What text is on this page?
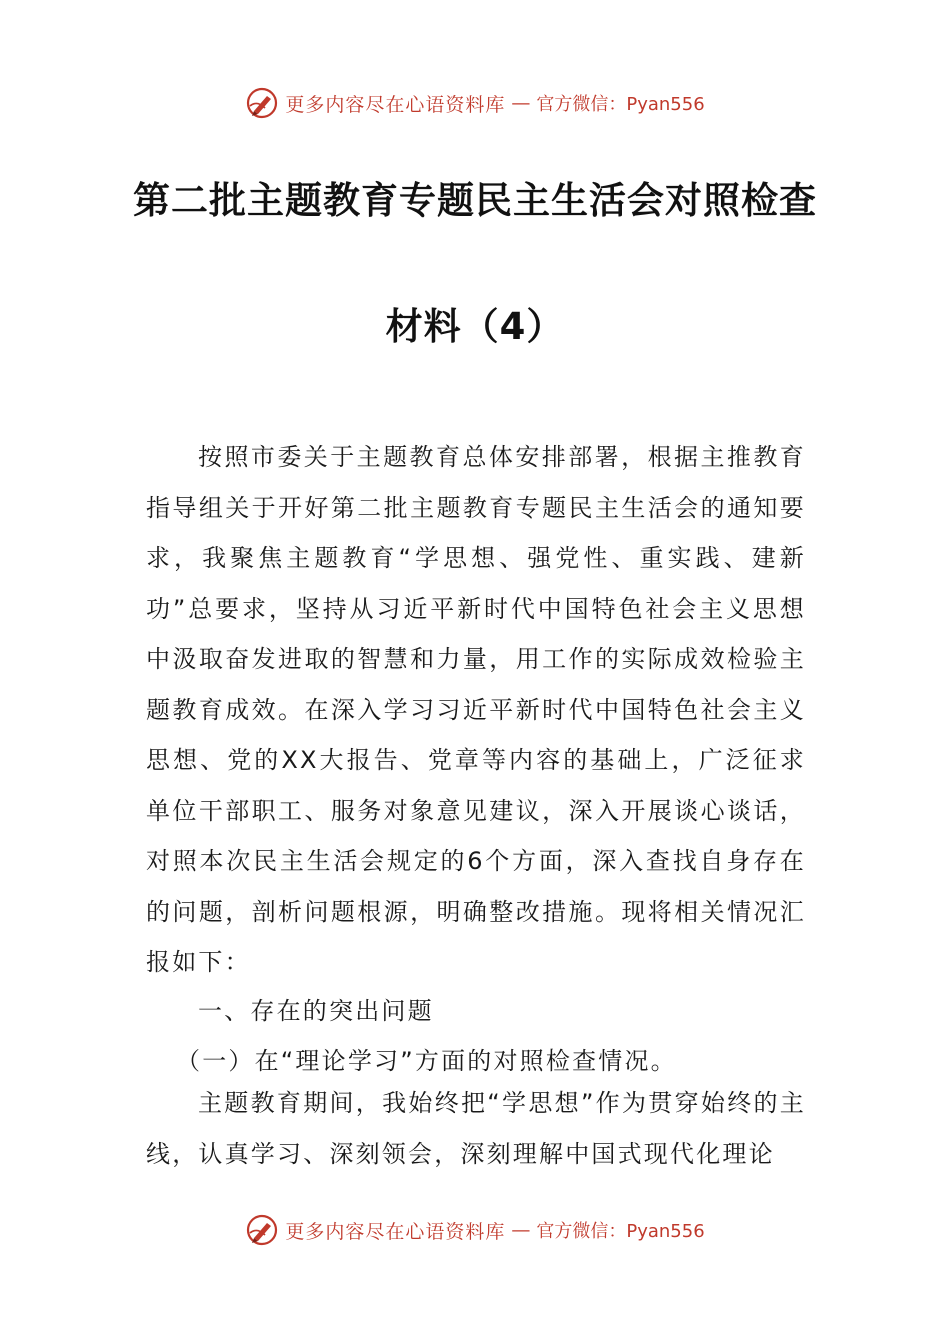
更多内容尽在心语资料库 — 官方微信：Pyan556
第二批主题教育专题民主生活会对照检查
材料（4）

按照市委关于主题教育总体安排部署，根据主推教育指导组关于开好第二批主题教育专题民主生活会的通知要求，我聚焦主题教育“学思想、强党性、重实践、建新功”总要求，坚持从习近平新时代中国特色社会主义思想中汲取奋发进取的智慧和力量，用工作的实际成效检验主题教育成效。在深入学习习近平新时代中国特色社会主义思想、党的XX大报告、党章等内容的基础上，广泛征求单位干部职工、服务对象意见建议，深入开展谈心谈话，对照本次民主生活会规定的6个方面，深入查找自身存在的问题，剖析问题根源，明确整改措施。现将相关情况汇报如下：

一、存在的突出问题

（一）在“理论学习”方面的对照检查情况。

主题教育期间，我始终把“学思想”作为贯穿始终的主线，认真学习、深刻领会，深刻理解中国式现代化理论

更多内容尽在心语资料库 — 官方微信：Pyan556
